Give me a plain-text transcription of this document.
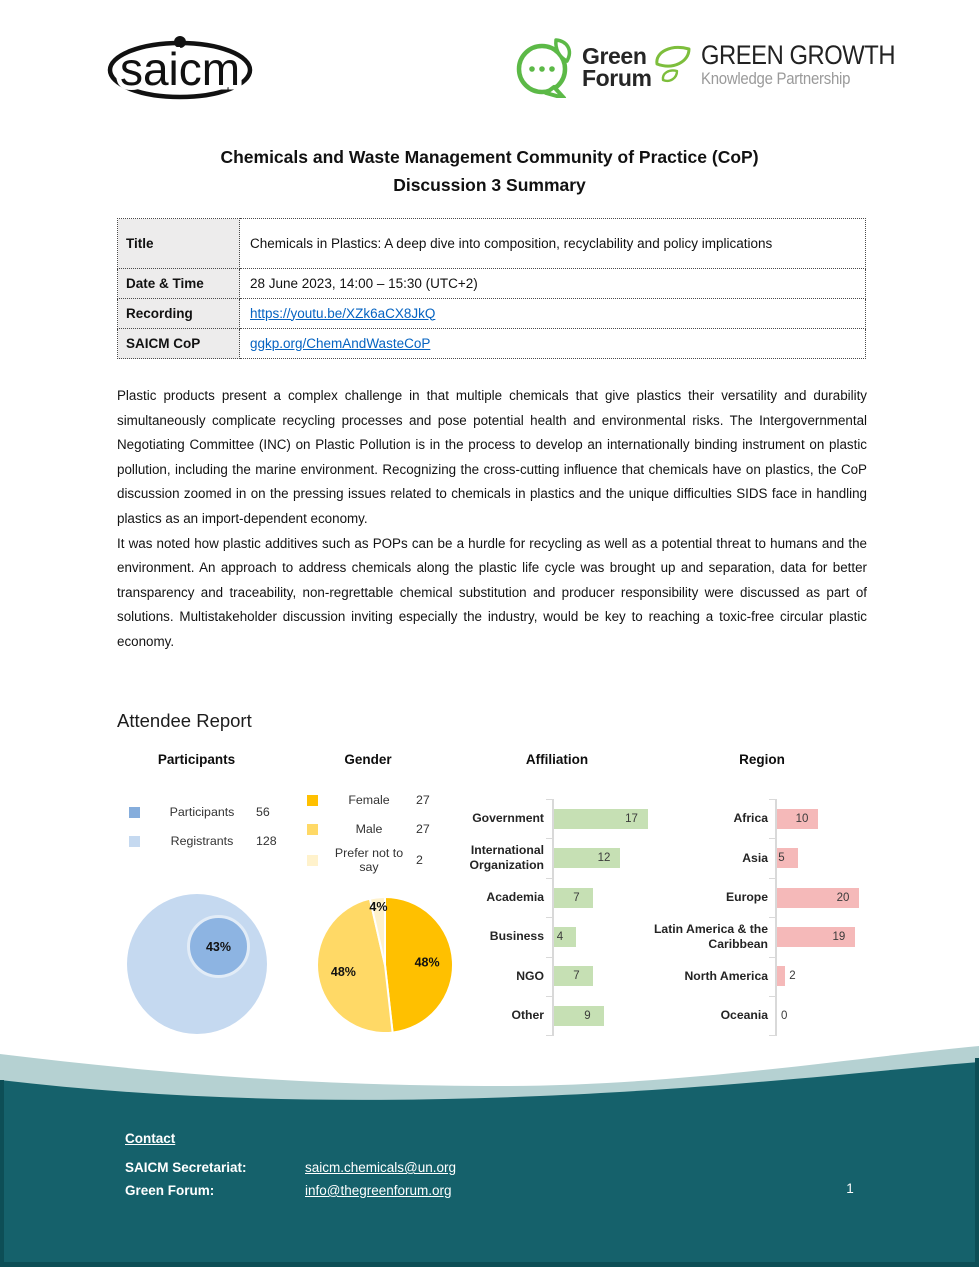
saicm	Green
Forum
GREEN GROWTH
Knowledge Partnership
Chemicals and Waste Management Community of Practice (CoP)
Discussion 3 Summary
Title	Chemicals in Plastics: A deep dive into composition, recyclability and policy implications
Date & Time	28 June 2023, 14:00 – 15:30 (UTC+2)
Recording	https://youtu.be/XZk6aCX8JkQ
SAICM CoP	ggkp.org/ChemAndWasteCoP

Plastic products present a complex challenge in that multiple chemicals that give plastics their versatility and durability simultaneously complicate recycling processes and pose potential health and environmental risks. The Intergovernmental Negotiating Committee (INC) on Plastic Pollution is in the process to develop an internationally binding instrument on plastic pollution, including the marine environment. Recognizing the cross-cutting influence that chemicals have on plastics, the CoP discussion zoomed in on the pressing issues related to chemicals in plastics and the unique difficulties SIDS face in handling plastics as an import-dependent economy.

It was noted how plastic additives such as POPs can be a hurdle for recycling as well as a potential threat to humans and the environment. An approach to address chemicals along the plastic life cycle was brought up and separation, data for better transparency and traceability, non-regrettable chemical substitution and producer responsibility were discussed as part of solutions. Multistakeholder discussion inviting especially the industry, would be key to reaching a toxic-free circular plastic economy.

Attendee Report
Participants	Gender	Affiliation	Region
Participants	56
Registrants	128
Female	27
Male	27
Prefer not to say	2
43%
48%
48%
4%
Government	17
International Organization	12
Academia	7
Business	4
NGO	7
Other	9
Africa	10
Asia 5
Europe	20
Latin America & the Caribbean	19
North America 2
Oceania 0
Contact
SAICM Secretariat:	saicm.chemicals@un.org
Green Forum:	info@thegreenforum.org	1
